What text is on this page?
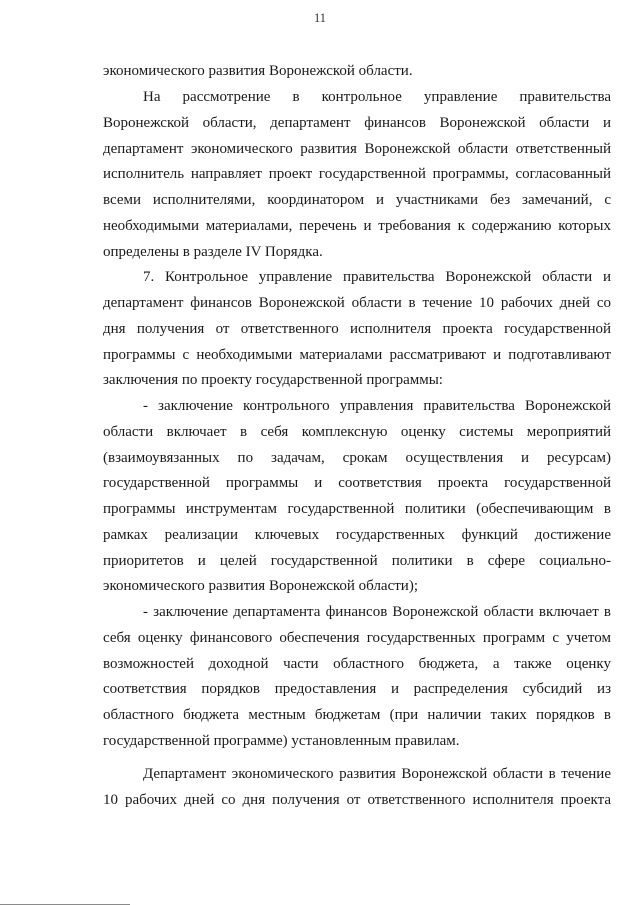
11
экономического развития Воронежской области.
На рассмотрение в контрольное управление правительства
Воронежской области, департамент финансов Воронежской области и
департамент экономического развития Воронежской области ответственный
исполнитель направляет проект государственной программы, согласованный
всеми исполнителями, координатором и участниками без замечаний, с
необходимыми материалами, перечень и требования к содержанию которых
определены в разделе IV Порядка.
7. Контрольное управление правительства Воронежской области и
департамент финансов Воронежской области в течение 10 рабочих дней со
дня получения от ответственного исполнителя проекта государственной
программы с необходимыми материалами рассматривают и подготавливают
заключения по проекту государственной программы:
- заключение контрольного управления правительства Воронежской
области включает в себя комплексную оценку системы мероприятий
(взаимоувязанных по задачам, срокам осуществления и ресурсам)
государственной программы и соответствия проекта государственной
программы инструментам государственной политики (обеспечивающим в
рамках реализации ключевых государственных функций достижение
приоритетов и целей государственной политики в сфере социально-
экономического развития Воронежской области);
- заключение департамента финансов Воронежской области включает в
себя оценку финансового обеспечения государственных программ с учетом
возможностей доходной части областного бюджета, а также оценку
соответствия порядков предоставления и распределения субсидий из
областного бюджета местным бюджетам (при наличии таких порядков в
государственной программе) установленным правилам.
Департамент экономического развития Воронежской области в течение
10 рабочих дней со дня получения от ответственного исполнителя проекта
